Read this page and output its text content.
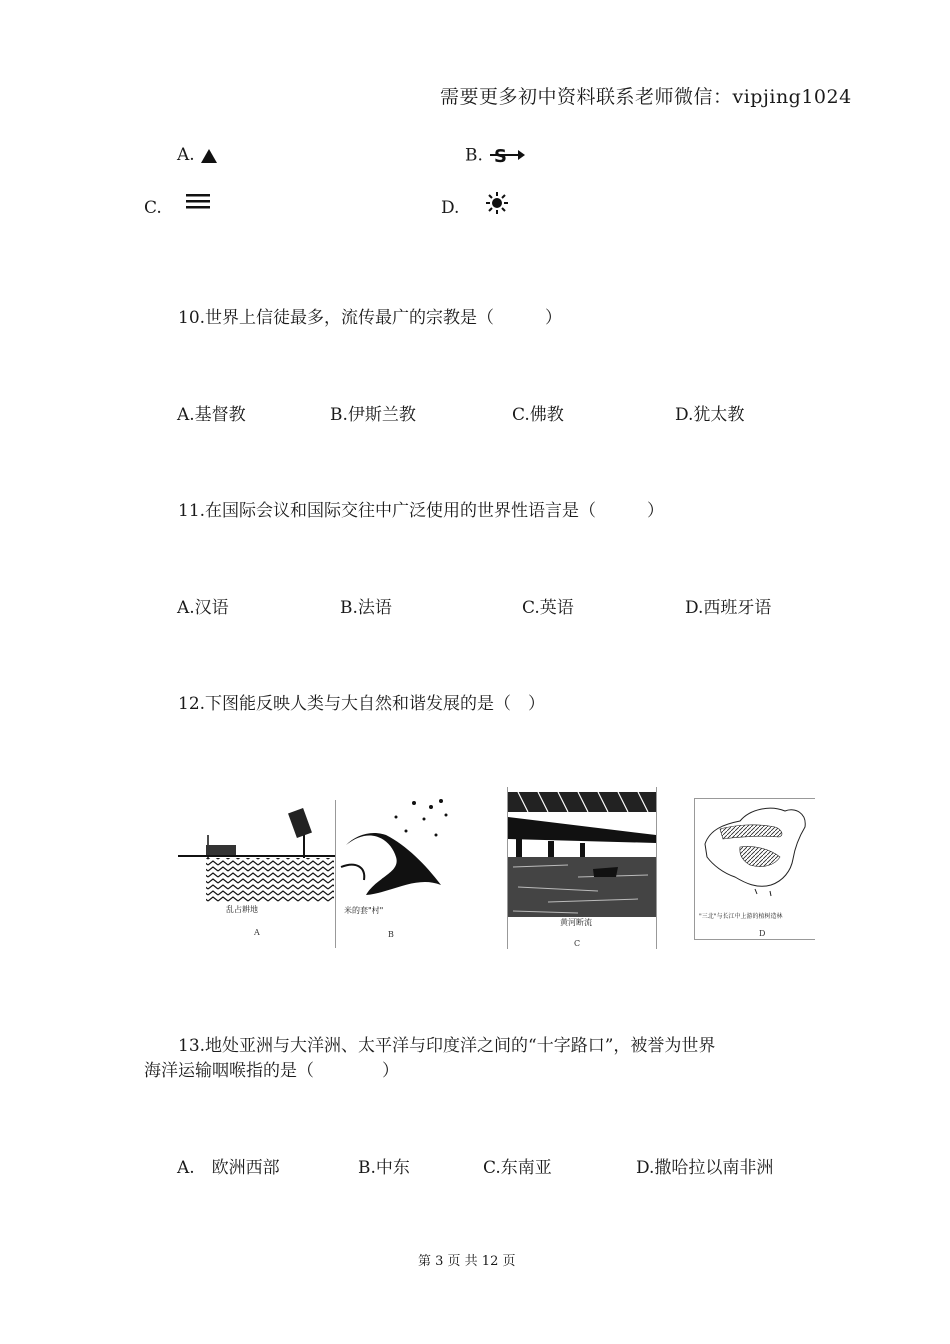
需要更多初中资料联系老师微信：vipjing1024
A.	B. S
C.	D.
10.世界上信徒最多，流传最广的宗教是（　　　）
A.基督教	B.伊斯兰教	C.佛教	D.犹太教
11.在国际会议和国际交往中广泛使用的世界性语言是（　　　）
A.汉语	B.法语	C.英语	D.西班牙语
12.下图能反映人类与大自然和谐发展的是（　）
乱占耕地
A
米的套"村"
B
黄河断流
C
"三北"与长江中上游的植树造林
D
13.地处亚洲与大洋洲、太平洋与印度洋之间的“十字路口”，被誉为世界
海洋运输咽喉指的是（　　　　）
A.　欧洲西部	B.中东	C.东南亚	D.撒哈拉以南非洲
第 3 页 共 12 页
